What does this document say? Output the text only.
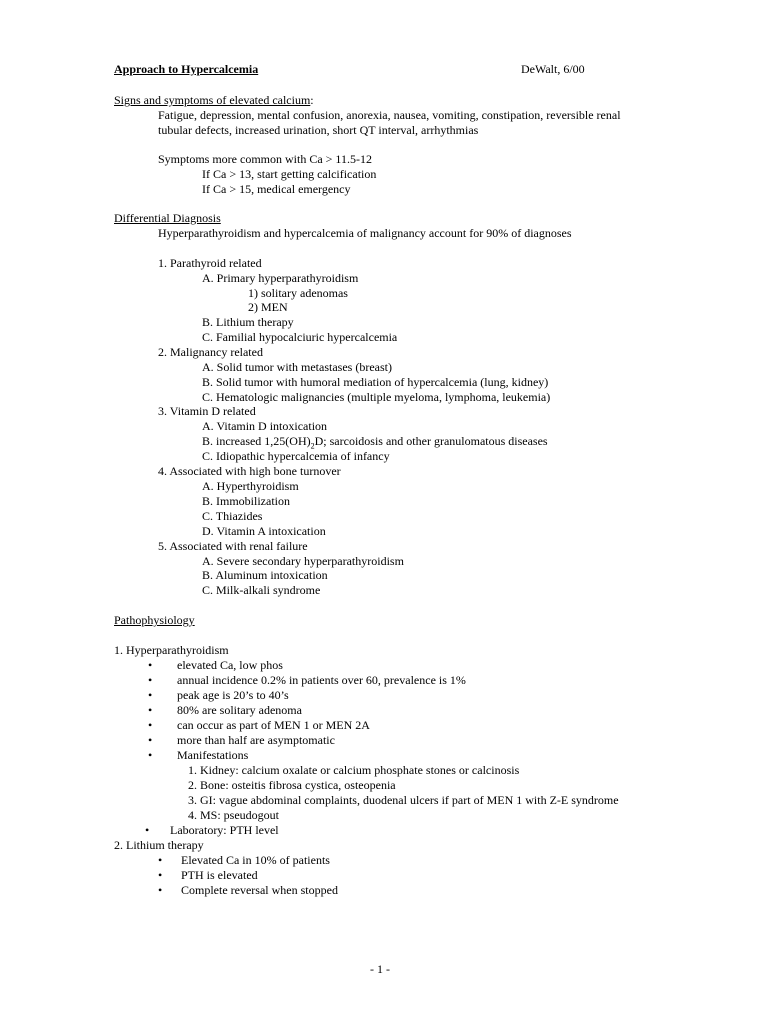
Approach to Hypercalcemia	DeWalt, 6/00
Signs and symptoms of elevated calcium:
Fatigue, depression, mental confusion, anorexia, nausea, vomiting, constipation, reversible renal
tubular defects, increased urination, short QT interval, arrhythmias
Symptoms more common with Ca > 11.5-12
If Ca > 13, start getting calcification
If Ca > 15, medical emergency
Differential Diagnosis
Hyperparathyroidism and hypercalcemia of malignancy account for 90% of diagnoses
1. Parathyroid related
A. Primary hyperparathyroidism
1) solitary adenomas
2) MEN
B. Lithium therapy
C. Familial hypocalciuric hypercalcemia
2. Malignancy related
A. Solid tumor with metastases (breast)
B. Solid tumor with humoral mediation of hypercalcemia (lung, kidney)
C. Hematologic malignancies (multiple myeloma, lymphoma, leukemia)
3. Vitamin D related
A. Vitamin D intoxication
B. increased $1,25(OH)_2D$; sarcoidosis and other granulomatous diseases
C. Idiopathic hypercalcemia of infancy
4. Associated with high bone turnover
A. Hyperthyroidism
B. Immobilization
C. Thiazides
D. Vitamin A intoxication
5. Associated with renal failure
A. Severe secondary hyperparathyroidism
B. Aluminum intoxication
C. Milk-alkali syndrome
Pathophysiology
1. Hyperparathyroidism
• elevated Ca, low phos
• annual incidence 0.2% in patients over 60, prevalence is 1%
• peak age is 20’s to 40’s
• 80% are solitary adenoma
• can occur as part of MEN 1 or MEN 2A
• more than half are asymptomatic
• Manifestations
1. Kidney: calcium oxalate or calcium phosphate stones or calcinosis
2. Bone: osteitis fibrosa cystica, osteopenia
3. GI: vague abdominal complaints, duodenal ulcers if part of MEN 1 with Z-E syndrome
4. MS: pseudogout
• Laboratory: PTH level
2. Lithium therapy
• Elevated Ca in 10% of patients
• PTH is elevated
• Complete reversal when stopped
- 1 -
